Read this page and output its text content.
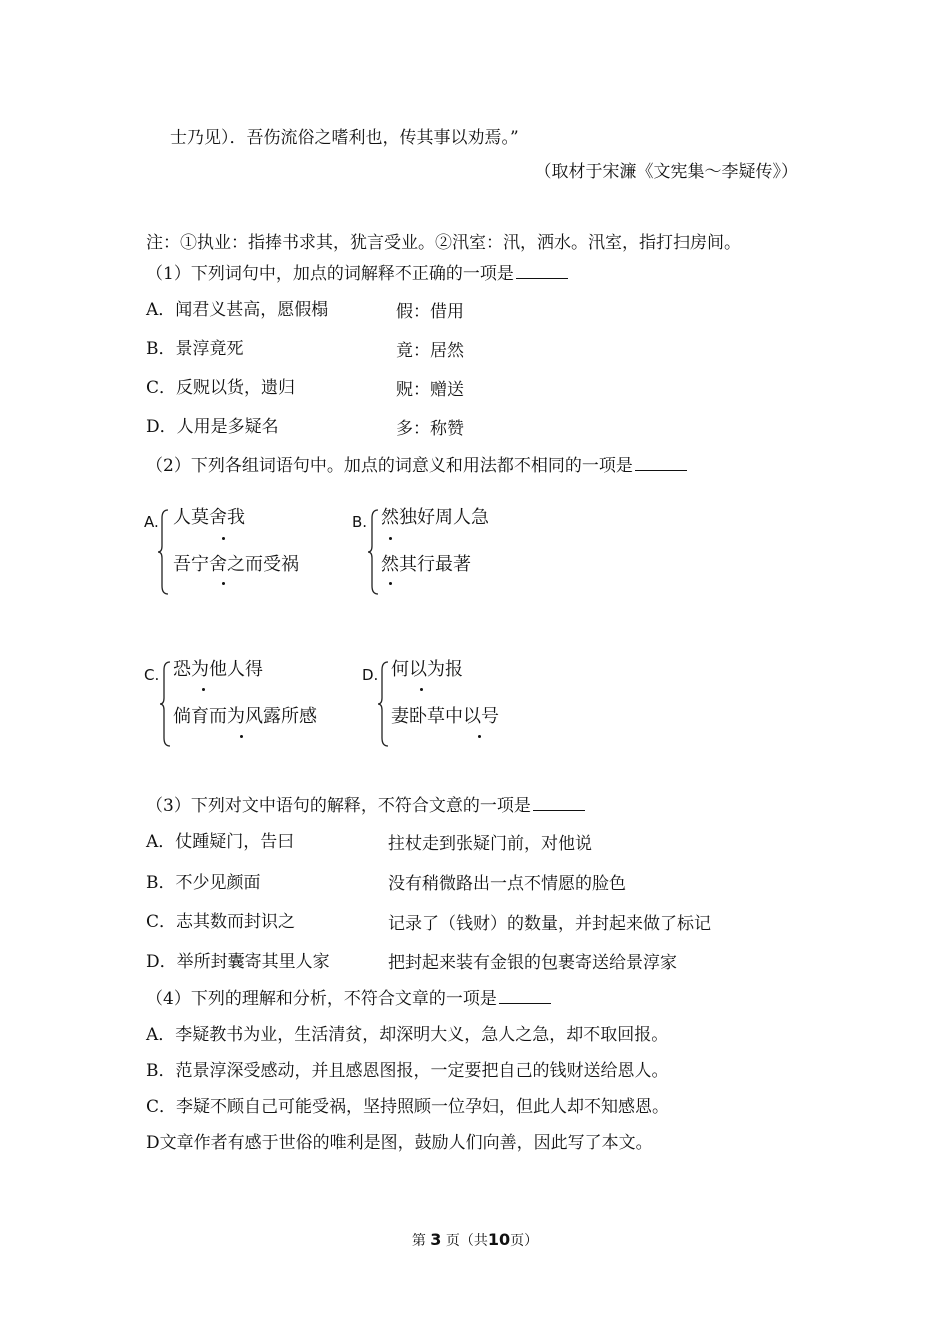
士乃见）．吾伤流俗之嗜利也，传其事以劝焉。”
（取材于宋濂《文宪集～李疑传》）
注：①执业：指捧书求其，犹言受业。②汛室：汛，洒水。汛室，指打扫房间。
（1）下列词句中，加点的词解释不正确的一项是
A．闻君义甚高，愿假榻	假：借用
B．景淳竟死	竟：居然
C．反贶以货，遗归	贶：赠送
D．人用是多疑名	多：称赞
（2）下列各组词语句中。加点的词意义和用法都不相同的一项是
A. 人莫舍我
吾宁舍之而受祸
B. 然独好周人急
然其行最著
C. 恐为他人得
倘育而为风露所感
D. 何以为报
妻卧草中以号
（3）下列对文中语句的解释，不符合文意的一项是
A．仗踵疑门，告曰	拄杖走到张疑门前，对他说
B．不少见颜面	没有稍微路出一点不情愿的脸色
C．志其数而封识之	记录了（钱财）的数量，并封起来做了标记
D．举所封囊寄其里人家	把封起来装有金银的包裹寄送给景淳家
（4）下列的理解和分析，不符合文章的一项是
A．李疑教书为业，生活清贫，却深明大义，急人之急，却不取回报。
B．范景淳深受感动，并且感恩图报，一定要把自己的钱财送给恩人。
C．李疑不顾自己可能受祸，坚持照顾一位孕妇，但此人却不知感恩。
D文章作者有感于世俗的唯利是图，鼓励人们向善，因此写了本文。
第 3 页（共10页）
